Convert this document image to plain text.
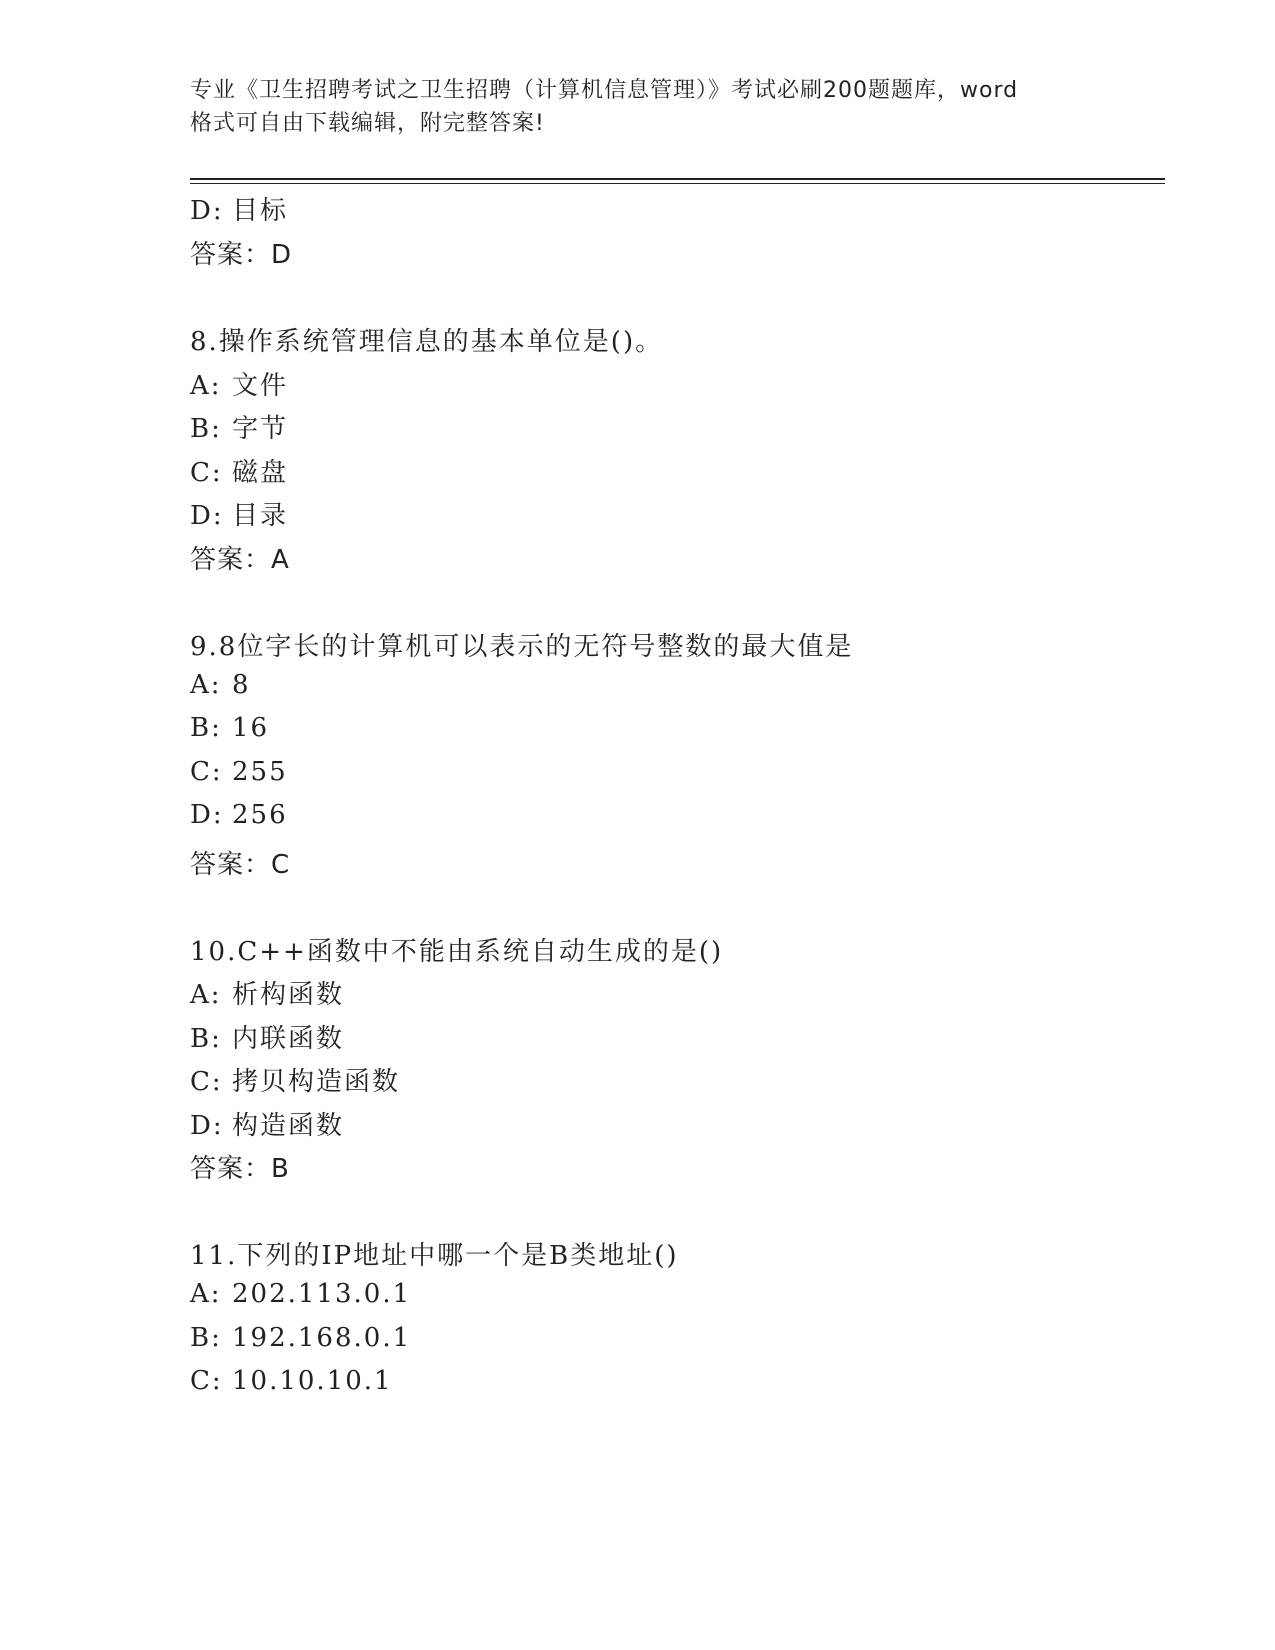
专业《卫生招聘考试之卫生招聘（计算机信息管理）》考试必刷200题题库，word
格式可自由下载编辑，附完整答案!
D: 目标
答案：D
8.操作系统管理信息的基本单位是()。
A: 文件
B: 字节
C: 磁盘
D: 目录
答案：A
9.8位字长的计算机可以表示的无符号整数的最大值是
A: 8
B: 16
C: 255
D: 256
答案：C
10.C++函数中不能由系统自动生成的是()
A: 析构函数
B: 内联函数
C: 拷贝构造函数
D: 构造函数
答案：B
11.下列的IP地址中哪一个是B类地址()
A: 202.113.0.1
B: 192.168.0.1
C: 10.10.10.1
